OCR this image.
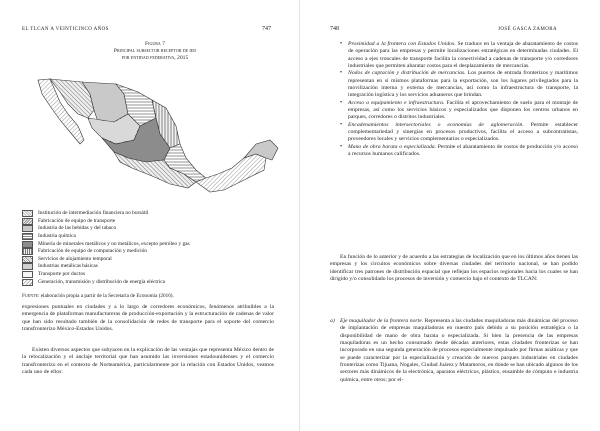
EL TLCAN A VEINTICINCO AÑOS	747
Figura 7
Principal subsector receptor de ied
por entidad federativa, 2015
Institución de intermediación financiera no bursátil
Fabricación de equipo de transporte
Industria de las bebidas y del tabaco
Industria química
Minería de minerales metálicos y no metálicos, excepto petróleo y gas
Fabricación de equipo de computación y medición
Servicios de alojamiento temporal
Industrias metálicas básicas
Transporte por ductos
Generación, transmisión y distribución de energía eléctrica
Fuente: elaboración propia a partir de la Secretaría de Economía (2016).

expresiones puntuales en ciudades y a lo largo de corredores económicos, fenómenos atribuibles a la emergencia de plataformas manufactureras de producción-exportación y la estructuración de cadenas de valor que han sido resultado también de la consolidación de redes de transporte para el soporte del comercio transfronterizo México-Estados Unidos.

Existen diversos aspectos que subyacen en la explicación de las ventajas que representa México dentro de la relocalización y el anclaje territorial que han asumido las inversiones estadounidenses y el comercio transfronterizo en el contexto de Norteamérica, particularmente por la relación con Estados Unidos, veamos cada uno de ellos:

748	JOSÉ GASCA ZAMORA
•	Proximidad a la frontera con Estados Unidos. Se traduce en la ventaja de abaratamiento de costos de operación para las empresas y permite localizaciones estratégicas en determinadas ciudades. El acceso a ejes troncales de transporte facilita la conectividad a cadenas de transporte y/o corredores industriales que permiten abaratar costos para el desplazamiento de mercancías.
•	Nodos de captación y distribución de mercancías. Los puertos de entrada fronterizos y marítimos representan en sí mismos plataformas para la exportación, son los lugares privilegiados para la movilización interna y externa de mercancías, así como la infraestructura de transporte, la integración logística y los servicios aduaneros que brindan.
•	Acceso a equipamiento e infraestructura. Facilita el aprovechamiento de suelo para el montaje de empresas, así como los servicios básicos y especializados que disponen los centros urbanos en parques, corredores o distritos industriales.
•	Encadenamientos intersectoriales o economías de aglomeración. Permite establecer complementariedad y sinergias en procesos productivos, facilita el acceso a subcontratistas, proveedores locales y servicios complementarios o especializados.
•	Mano de obra barata o especializada. Permite el abaratamiento de costos de producción y/o acceso a recursos humanos calificados.

En función de lo anterior y de acuerdo a las estrategias de localización que en los últimos años tienen las empresas y los circuitos económicos sobre diversas ciudades del territorio nacional, se han podido identificar tres patrones de distribución espacial que reflejan los espacios regionales hacia los cuales se han dirigido y/o consolidado los procesos de inversión y comercio bajo el contexto de TLCAN:

a) Eje maquilador de la frontera norte. Representa a las ciudades maquiladoras más dinámicas del proceso de implantación de empresas maquiladoras en nuestro país debido a su posición estratégica o la disponibilidad de mano de obra barata o especializada. Si bien la presencia de las empresas maquiladoras es un hecho consumado desde décadas anteriores, estas ciudades fronterizas se han incorporado en una segunda generación de procesos especialmente impulsado por firmas asiáticas y que se puede caracterizar por la especialización y creación de nuevos parques industriales en ciudades fronterizas como Tijuana, Nogales, Ciudad Juárez y Matamoros, en donde se han ubicado algunos de los sectores más dinámicos de la electrónica, aparatos eléctricos, plástico, ensamble de cómputo e industria química, entre otros; por el-
